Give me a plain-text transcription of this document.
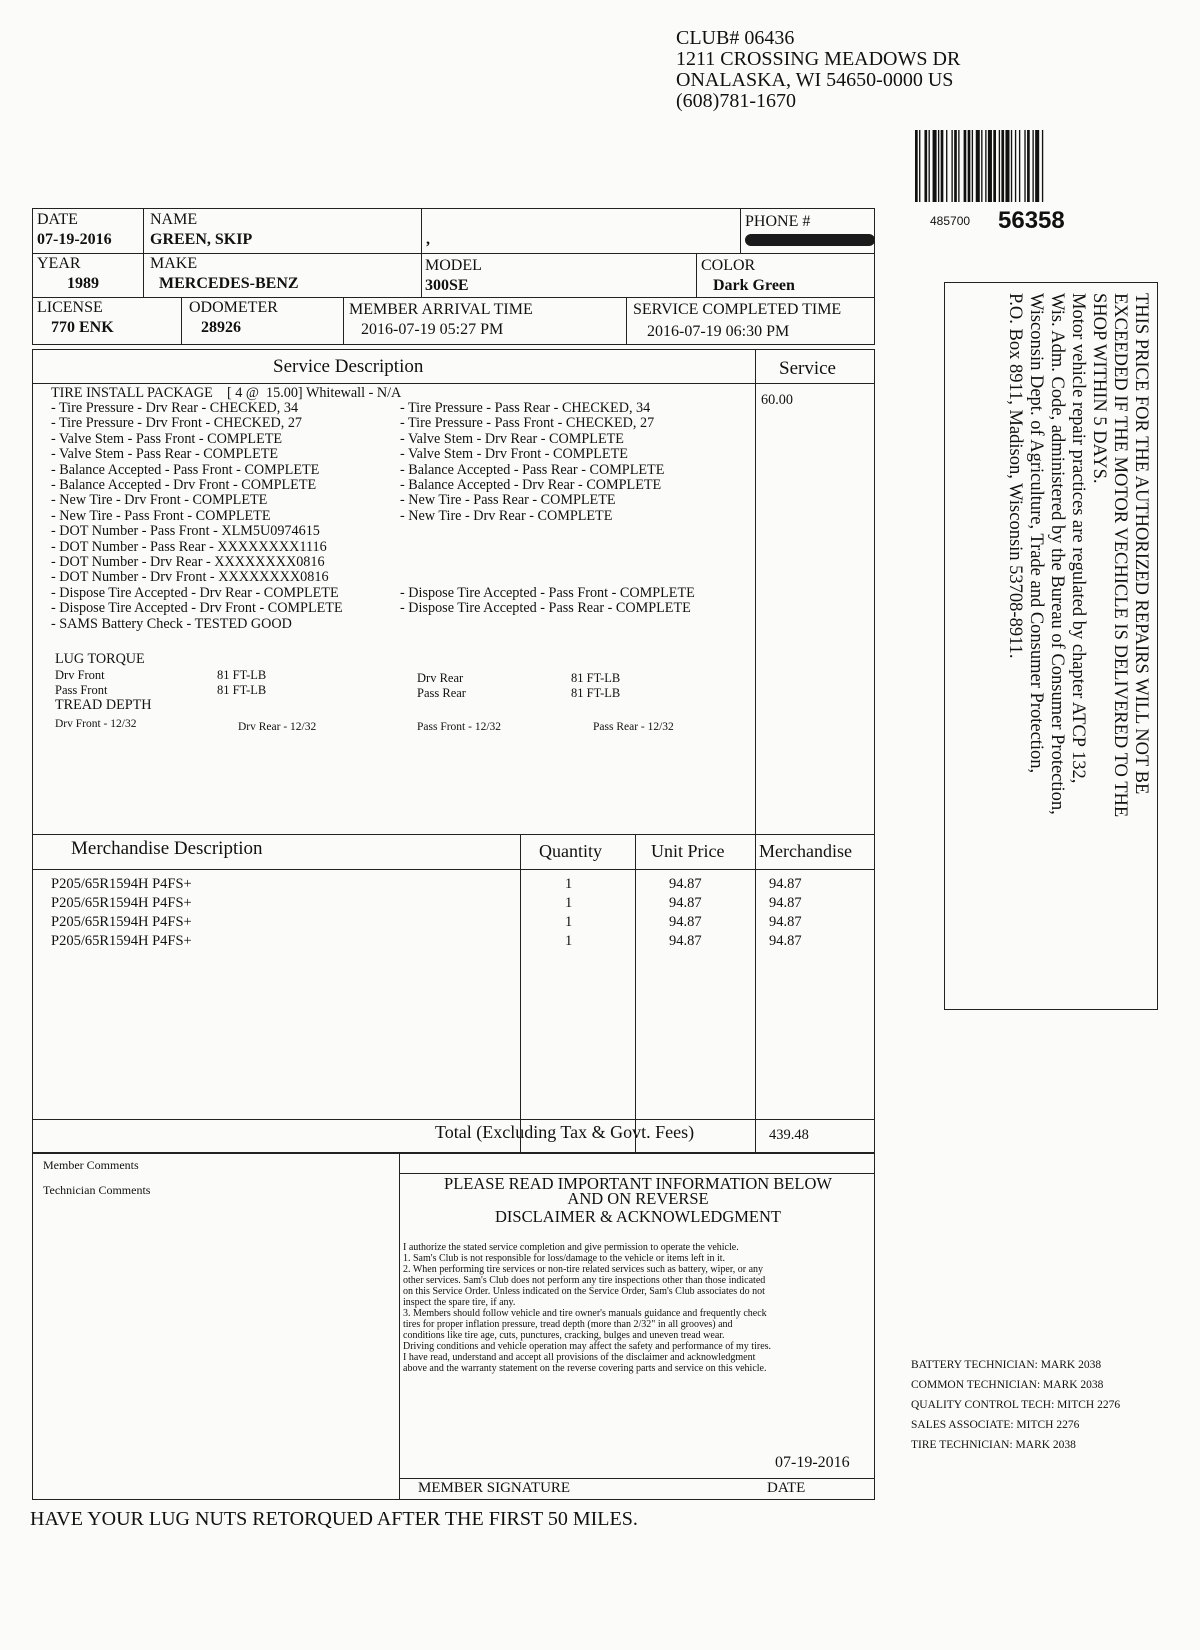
CLUB# 06436
1211 CROSSING MEADOWS DR
ONALASKA, WI 54650-0000 US
(608)781-1670
485700 56358
DATE
07-19-2016
NAME
GREEN, SKIP	,
PHONE #
YEAR
1989
MAKE
MERCEDES-BENZ
MODEL
300SE
COLOR
Dark Green
LICENSE
770 ENK
ODOMETER
28926
MEMBER ARRIVAL TIME
2016-07-19 05:27 PM
SERVICE COMPLETED TIME
2016-07-19 06:30 PM
Service Description	Service
60.00
TIRE INSTALL PACKAGE    [ 4 @  15.00] Whitewall - N/A
- Tire Pressure - Drv Rear - CHECKED, 34
- Tire Pressure - Drv Front - CHECKED, 27
- Valve Stem - Pass Front - COMPLETE
- Valve Stem - Pass Rear - COMPLETE
- Balance Accepted - Pass Front - COMPLETE
- Balance Accepted - Drv Front - COMPLETE
- New Tire - Drv Front - COMPLETE
- New Tire - Pass Front - COMPLETE
- DOT Number - Pass Front - XLM5U0974615
- DOT Number - Pass Rear - XXXXXXXX1116
- DOT Number - Drv Rear - XXXXXXXX0816
- DOT Number - Drv Front - XXXXXXXX0816
- Dispose Tire Accepted - Drv Rear - COMPLETE
- Dispose Tire Accepted - Drv Front - COMPLETE
- SAMS Battery Check - TESTED GOOD
- Tire Pressure - Pass Rear - CHECKED, 34
- Tire Pressure - Pass Front - CHECKED, 27
- Valve Stem - Drv Rear - COMPLETE
- Valve Stem - Drv Front - COMPLETE
- Balance Accepted - Pass Rear - COMPLETE
- Balance Accepted - Drv Rear - COMPLETE
- New Tire - Pass Rear - COMPLETE
- New Tire - Drv Rear - COMPLETE

- Dispose Tire Accepted - Pass Front - COMPLETE
- Dispose Tire Accepted - Pass Rear - COMPLETE
LUG TORQUE
Drv Front	81 FT-LB
Pass Front	81 FT-LB
Drv Rear	81 FT-LB
Pass Rear	81 FT-LB
TREAD DEPTH
Drv Front - 12/32	Drv Rear - 12/32	Pass Front - 12/32	Pass Rear - 12/32
Merchandise Description	Quantity	Unit Price Merchandise
P205/65R1594H P4FS+	1	94.87	94.87
P205/65R1594H P4FS+	1	94.87	94.87
P205/65R1594H P4FS+	1	94.87	94.87
P205/65R1594H P4FS+	1	94.87	94.87
Total (Excluding Tax & Govt. Fees)	439.48
Member Comments
Technician Comments	PLEASE READ IMPORTANT INFORMATION BELOW
AND ON REVERSE
DISCLAIMER & ACKNOWLEDGMENT
I authorize the stated service completion and give permission to operate the vehicle.
1. Sam's Club is not responsible for loss/damage to the vehicle or items left in it.
2. When performing tire services or non-tire related services such as battery, wiper, or any
other services. Sam's Club does not perform any tire inspections other than those indicated
on this Service Order. Unless indicated on the Service Order, Sam's Club associates do not
inspect the spare tire, if any.
3. Members should follow vehicle and tire owner's manuals guidance and frequently check
tires for proper inflation pressure, tread depth (more than 2/32" in all grooves) and
conditions like tire age, cuts, punctures, cracking, bulges and uneven tread wear.
Driving conditions and vehicle operation may affect the safety and performance of my tires.
I have read, understand and accept all provisions of the disclaimer and acknowledgment
above and the warranty statement on the reverse covering parts and service on this vehicle.
07-19-2016
MEMBER SIGNATURE	DATE
HAVE YOUR LUG NUTS RETORQUED AFTER THE FIRST 50 MILES.
THIS PRICE FOR THE AUTHORIZED REPAIRS WILL NOT BE
EXCEEDED IF THE MOTOR VECHICLE IS DELIVERED TO THE
SHOP WITHIN 5 DAYS.
Motor vehicle repair practices are regulated by chapter ATCP 132,
Wis. Adm. Code, administered by the Bureau of Consumer Protection,
Wisconsin Dept. of Agriculture, Trade and Consumer Protection,
P.O. Box 8911, Madison, Wisconsin 53708-8911.
BATTERY TECHNICIAN: MARK 2038
COMMON TECHNICIAN: MARK 2038
QUALITY CONTROL TECH: MITCH 2276
SALES ASSOCIATE: MITCH 2276
TIRE TECHNICIAN: MARK 2038
